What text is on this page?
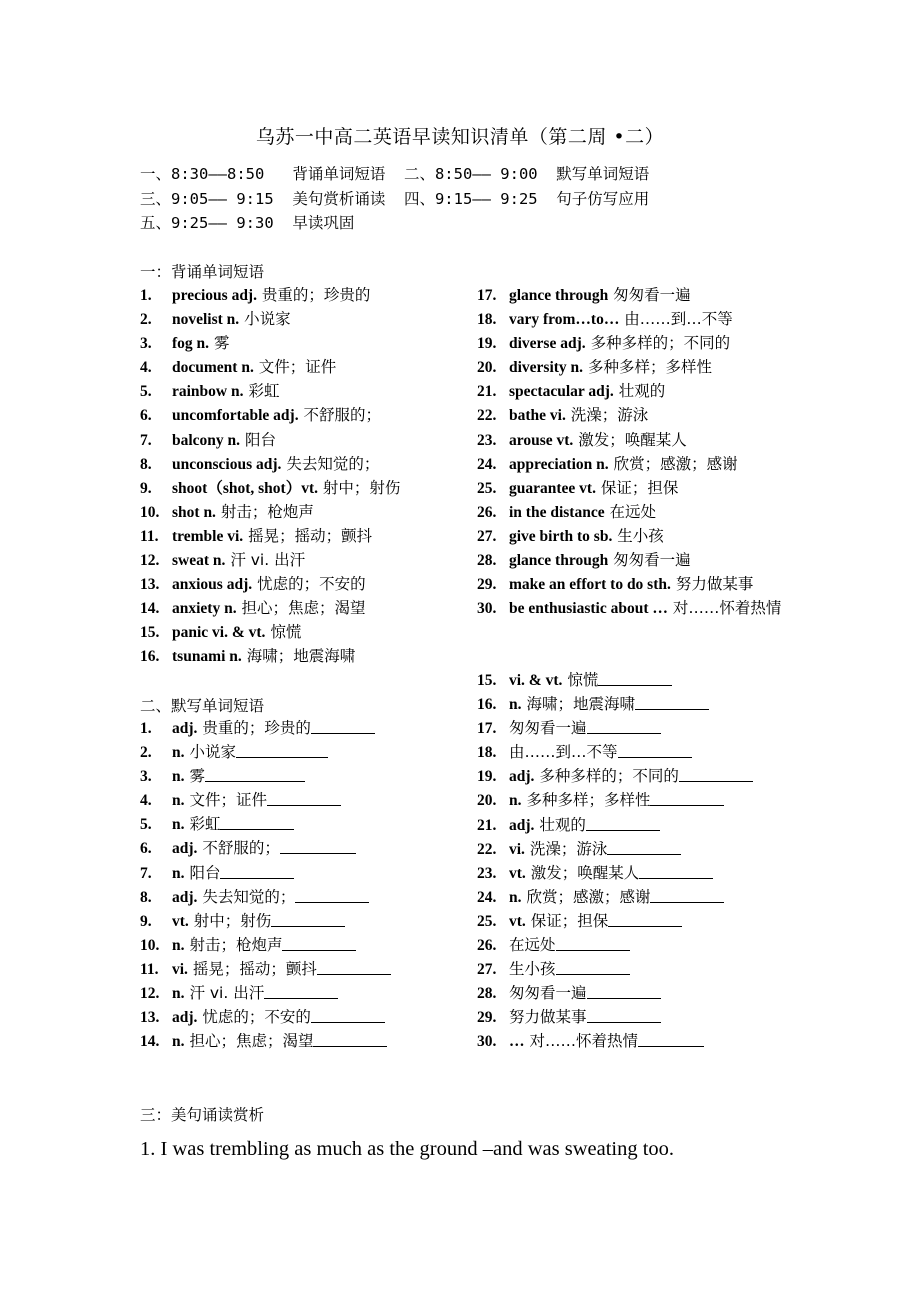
乌苏一中高二英语早读知识清单（第二周 •二）
一、8:30——8:50   背诵单词短语  二、8:50—— 9:00  默写单词短语
三、9:05—— 9:15  美句赏析诵读  四、9:15—— 9:25  句子仿写应用
五、9:25—— 9:30  早读巩固
一：背诵单词短语
1. precious adj. 贵重的；珍贵的
2. novelist n. 小说家
3. fog n. 雾
4. document n. 文件；证件
5. rainbow n. 彩虹
6. uncomfortable adj. 不舒服的；
7. balcony n. 阳台
8. unconscious adj. 失去知觉的；
9. shoot（shot, shot）vt. 射中；射伤
10. shot n. 射击；枪炮声
11. tremble vi. 摇晃；摇动；颤抖
12. sweat n. 汗 vi. 出汗
13. anxious adj. 忧虑的；不安的
14. anxiety n. 担心；焦虑；渴望
15. panic vi. & vt. 惊慌
16. tsunami n. 海啸；地震海啸
17. glance through 匆匆看一遍
18. vary from…to… 由……到…不等
19. diverse adj. 多种多样的；不同的
20. diversity n. 多种多样；多样性
21. spectacular adj. 壮观的
22. bathe vi. 洗澡；游泳
23. arouse vt. 激发；唤醒某人
24. appreciation n. 欣赏；感激；感谢
25. guarantee vt. 保证；担保
26. in the distance 在远处
27. give birth to sb. 生小孩
28. glance through 匆匆看一遍
29. make an effort to do sth. 努力做某事
30. be enthusiastic about … 对……怀着热情
二、默写单词短语
1. adj. 贵重的；珍贵的
2. n. 小说家
3. n. 雾
4. n. 文件；证件
5. n. 彩虹
6. adj. 不舒服的；
7. n. 阳台
8. adj. 失去知觉的；
9. vt. 射中；射伤
10. n. 射击；枪炮声
11. vi. 摇晃；摇动；颤抖
12. n. 汗 vi. 出汗
13. adj. 忧虑的；不安的
14. n. 担心；焦虑；渴望
15. vi. & vt. 惊慌
16. n. 海啸；地震海啸
17. 匆匆看一遍
18. 由……到…不等
19. adj. 多种多样的；不同的
20. n. 多种多样；多样性
21. adj. 壮观的
22. vi. 洗澡；游泳
23. vt. 激发；唤醒某人
24. n. 欣赏；感激；感谢
25. vt. 保证；担保
26. 在远处
27. 生小孩
28. 匆匆看一遍
29. 努力做某事
30. … 对……怀着热情
三：美句诵读赏析
1. I was trembling as much as the ground –and was sweating too.
